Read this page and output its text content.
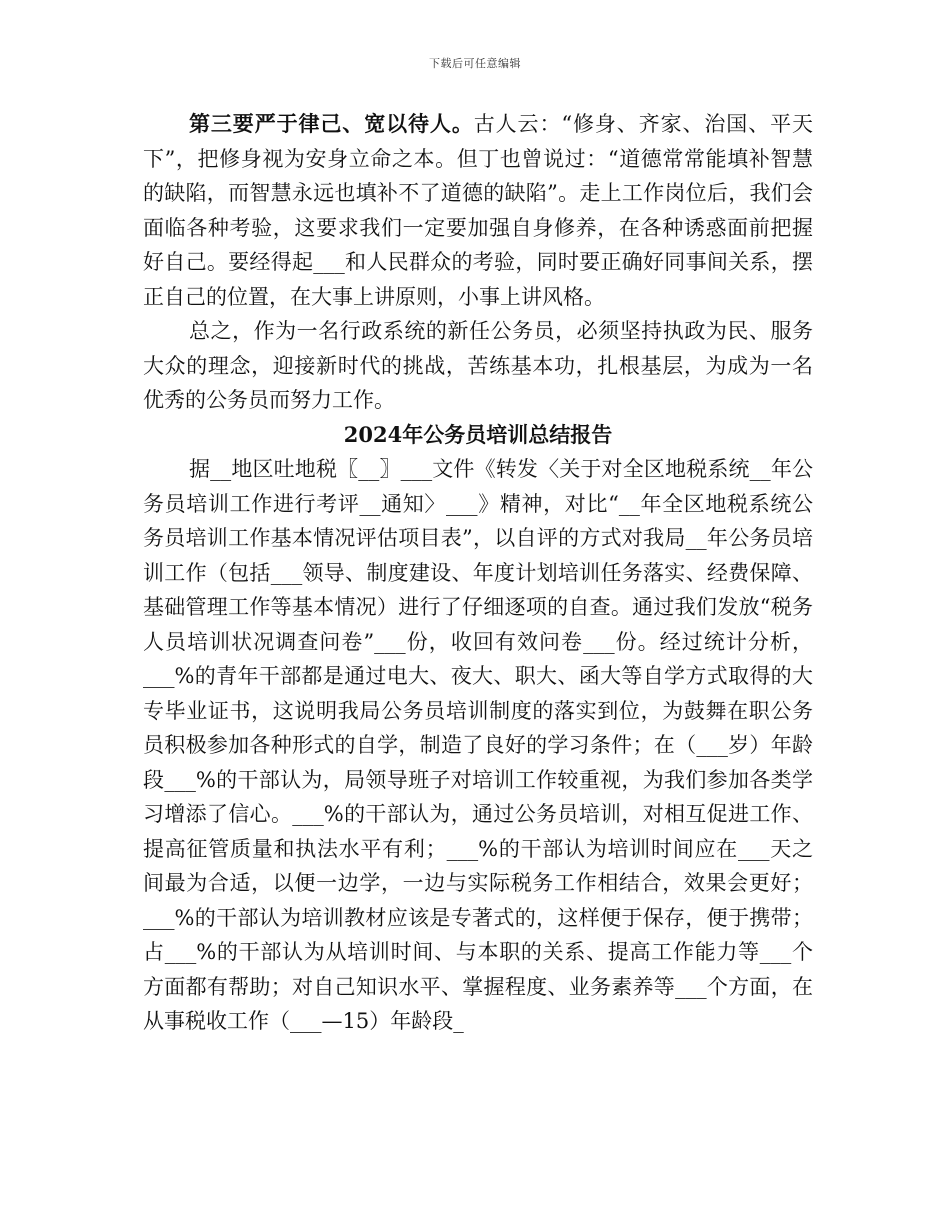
下载后可任意编辑

第三要严于律己、宽以待人。古人云：“修身、齐家、治国、平天下”，把修身视为安身立命之本。但丁也曾说过：“道德常常能填补智慧的缺陷，而智慧永远也填补不了道德的缺陷”。走上工作岗位后，我们会面临各种考验，这要求我们一定要加强自身修养，在各种诱惑面前把握好自己。要经得起___和人民群众的考验，同时要正确好同事间关系，摆正自己的位置，在大事上讲原则，小事上讲风格。

总之，作为一名行政系统的新任公务员，必须坚持执政为民、服务大众的理念，迎接新时代的挑战，苦练基本功，扎根基层，为成为一名优秀的公务员而努力工作。

2024年公务员培训总结报告

据__地区吐地税〖__〗___文件《转发〈关于对全区地税系统__年公务员培训工作进行考评__通知〉___》精神，对比“__年全区地税系统公务员培训工作基本情况评估项目表”，以自评的方式对我局__年公务员培训工作（包括___领导、制度建设、年度计划培训任务落实、经费保障、基础管理工作等基本情况）进行了仔细逐项的自查。通过我们发放“税务人员培训状况调查问卷”___份，收回有效问卷___份。经过统计分析，___%的青年干部都是通过电大、夜大、职大、函大等自学方式取得的大专毕业证书，这说明我局公务员培训制度的落实到位，为鼓舞在职公务员积极参加各种形式的自学，制造了良好的学习条件；在（___岁）年龄段___%的干部认为，局领导班子对培训工作较重视，为我们参加各类学习增添了信心。___%的干部认为，通过公务员培训，对相互促进工作、提高征管质量和执法水平有利；___%的干部认为培训时间应在___天之间最为合适，以便一边学，一边与实际税务工作相结合，效果会更好；___%的干部认为培训教材应该是专著式的，这样便于保存，便于携带；占___%的干部认为从培训时间、与本职的关系、提高工作能力等___个方面都有帮助；对自己知识水平、掌握程度、业务素养等___个方面，在从事税收工作（___—15）年龄段_
